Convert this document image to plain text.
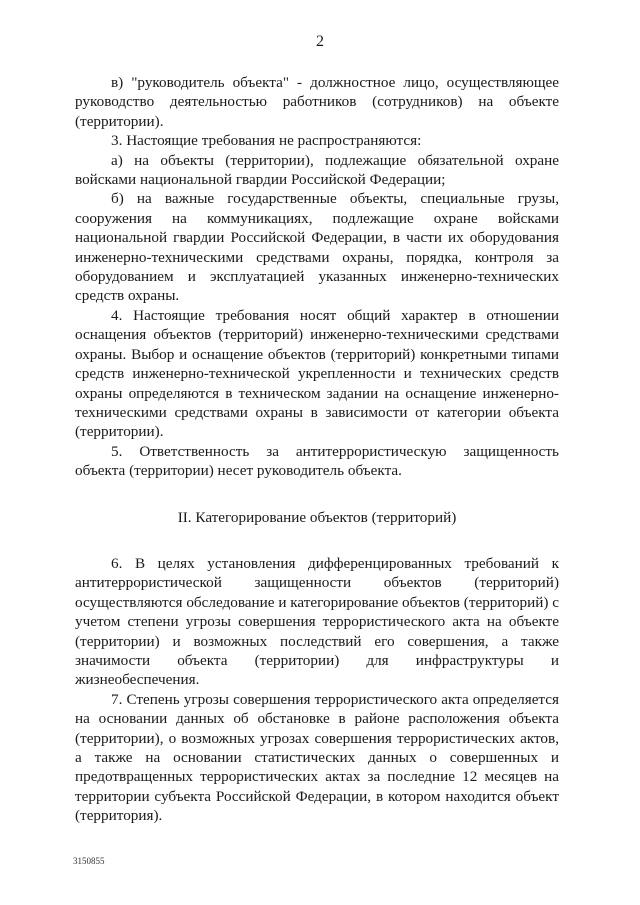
2

в) "руководитель объекта" - должностное лицо, осуществляющее руководство деятельностью работников (сотрудников) на объекте (территории).

3. Настоящие требования не распространяются:

а) на объекты (территории), подлежащие обязательной охране войсками национальной гвардии Российской Федерации;

б) на важные государственные объекты, специальные грузы, сооружения на коммуникациях, подлежащие охране войсками национальной гвардии Российской Федерации, в части их оборудования инженерно-техническими средствами охраны, порядка, контроля за оборудованием и эксплуатацией указанных инженерно-технических средств охраны.

4. Настоящие требования носят общий характер в отношении оснащения объектов (территорий) инженерно-техническими средствами охраны. Выбор и оснащение объектов (территорий) конкретными типами средств инженерно-технической укрепленности и технических средств охраны определяются в техническом задании на оснащение инженерно-техническими средствами охраны в зависимости от категории объекта (территории).

5. Ответственность за антитеррористическую защищенность объекта (территории) несет руководитель объекта.

II. Категорирование объектов (территорий)

6. В целях установления дифференцированных требований к антитеррористической защищенности объектов (территорий) осуществляются обследование и категорирование объектов (территорий) с учетом степени угрозы совершения террористического акта на объекте (территории) и возможных последствий его совершения, а также значимости объекта (территории) для инфраструктуры и жизнеобеспечения.

7. Степень угрозы совершения террористического акта определяется на основании данных об обстановке в районе расположения объекта (территории), о возможных угрозах совершения террористических актов, а также на основании статистических данных о совершенных и предотвращенных террористических актах за последние 12 месяцев на территории субъекта Российской Федерации, в котором находится объект (территория).

3150855
